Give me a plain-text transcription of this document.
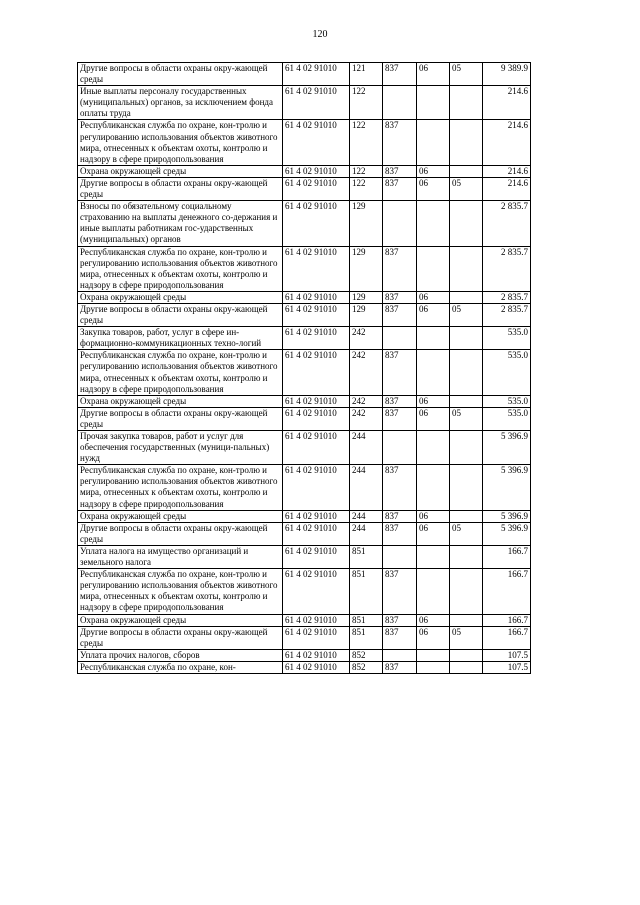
120
Другие вопросы в области охраны окру-жающей среды	61 4 02 91010	121	837	06	05	9 389.9
Иные выплаты персоналу государственных (муниципальных) органов, за исключением фонда оплаты труда	61 4 02 91010	122				214.6
Республиканская служба по охране, кон-тролю и регулированию использования объектов животного мира, отнесенных к объектам охоты, контролю и надзору в сфере природопользования	61 4 02 91010	122	837			214.6
Охрана окружающей среды	61 4 02 91010	122	837	06		214.6
Другие вопросы в области охраны окру-жающей среды	61 4 02 91010	122	837	06	05	214.6
Взносы по обязательному социальному страхованию на выплаты денежного со-держания и иные выплаты работникам гос-ударственных (муниципальных) органов	61 4 02 91010	129				2 835.7
Республиканская служба по охране, кон-тролю и регулированию использования объектов животного мира, отнесенных к объектам охоты, контролю и надзору в сфере природопользования	61 4 02 91010	129	837			2 835.7
Охрана окружающей среды	61 4 02 91010	129	837	06		2 835.7
Другие вопросы в области охраны окру-жающей среды	61 4 02 91010	129	837	06	05	2 835.7
Закупка товаров, работ, услуг в сфере ин-формационно-коммуникационных техно-логий	61 4 02 91010	242				535.0
Республиканская служба по охране, кон-тролю и регулированию использования объектов животного мира, отнесенных к объектам охоты, контролю и надзору в сфере природопользования	61 4 02 91010	242	837			535.0
Охрана окружающей среды	61 4 02 91010	242	837	06		535.0
Другие вопросы в области охраны окру-жающей среды	61 4 02 91010	242	837	06	05	535.0
Прочая закупка товаров, работ и услуг для обеспечения государственных (муници-пальных) нужд	61 4 02 91010	244				5 396.9
Республиканская служба по охране, кон-тролю и регулированию использования объектов животного мира, отнесенных к объектам охоты, контролю и надзору в сфере природопользования	61 4 02 91010	244	837			5 396.9
Охрана окружающей среды	61 4 02 91010	244	837	06		5 396.9
Другие вопросы в области охраны окру-жающей среды	61 4 02 91010	244	837	06	05	5 396.9
Уплата налога на имущество организаций и земельного налога	61 4 02 91010	851				166.7
Республиканская служба по охране, кон-тролю и регулированию использования объектов животного мира, отнесенных к объектам охоты, контролю и надзору в сфере природопользования	61 4 02 91010	851	837			166.7
Охрана окружающей среды	61 4 02 91010	851	837	06		166.7
Другие вопросы в области охраны окру-жающей среды	61 4 02 91010	851	837	06	05	166.7
Уплата прочих налогов, сборов	61 4 02 91010	852				107.5
Республиканская служба по охране, кон-	61 4 02 91010	852	837			107.5
